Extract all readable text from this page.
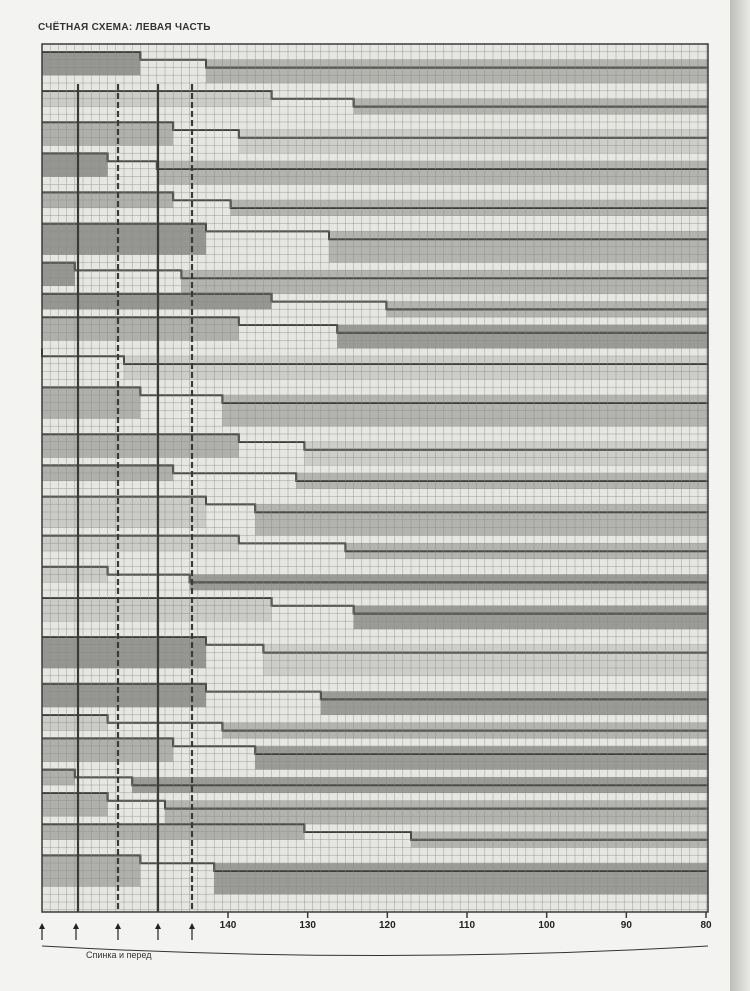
СЧЁТНАЯ СХЕМА: ЛЕВАЯ ЧАСТЬ
140	130	120	110	100	90	80
Спинка и перед
